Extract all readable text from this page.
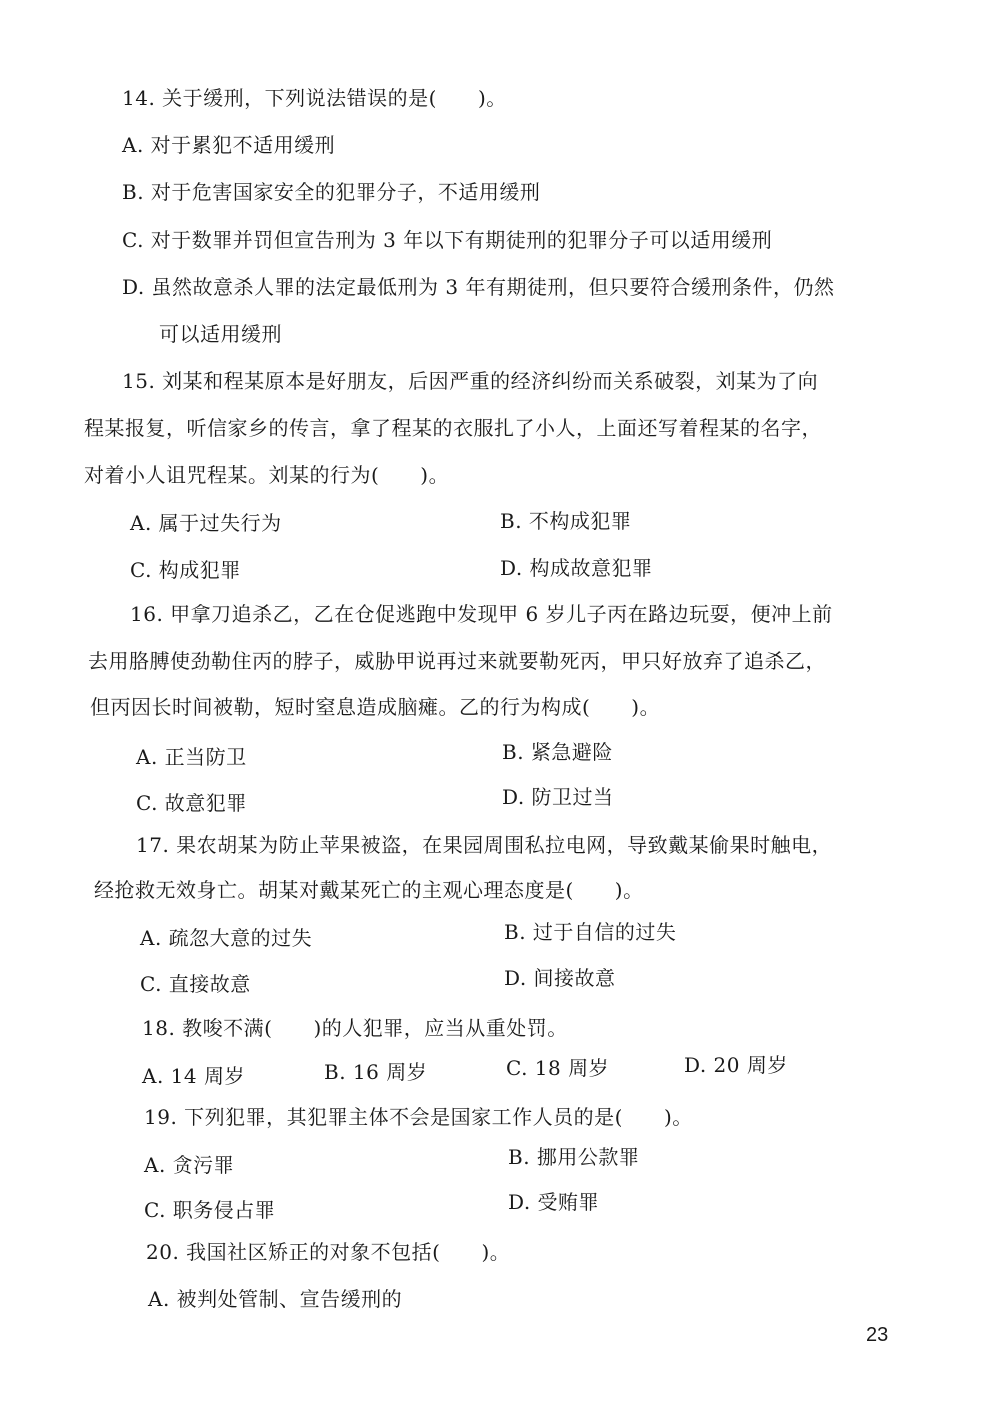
14. 关于缓刑，下列说法错误的是(　　)。
A. 对于累犯不适用缓刑
B. 对于危害国家安全的犯罪分子，不适用缓刑
C. 对于数罪并罚但宣告刑为 3 年以下有期徒刑的犯罪分子可以适用缓刑
D. 虽然故意杀人罪的法定最低刑为 3 年有期徒刑，但只要符合缓刑条件，仍然
可以适用缓刑
15. 刘某和程某原本是好朋友，后因严重的经济纠纷而关系破裂，刘某为了向
程某报复，听信家乡的传言，拿了程某的衣服扎了小人，上面还写着程某的名字，
对着小人诅咒程某。刘某的行为(　　)。
A. 属于过失行为	B. 不构成犯罪
C. 构成犯罪	D. 构成故意犯罪
16. 甲拿刀追杀乙，乙在仓促逃跑中发现甲 6 岁儿子丙在路边玩耍，便冲上前
去用胳膊使劲勒住丙的脖子，威胁甲说再过来就要勒死丙，甲只好放弃了追杀乙，
但丙因长时间被勒，短时窒息造成脑瘫。乙的行为构成(　　)。
A. 正当防卫	B. 紧急避险
C. 故意犯罪	D. 防卫过当
17. 果农胡某为防止苹果被盗，在果园周围私拉电网，导致戴某偷果时触电，
经抢救无效身亡。胡某对戴某死亡的主观心理态度是(　　)。
A. 疏忽大意的过失	B. 过于自信的过失
C. 直接故意	D. 间接故意
18. 教唆不满(　　)的人犯罪，应当从重处罚。
A. 14 周岁	B. 16 周岁	C. 18 周岁	D. 20 周岁
19. 下列犯罪，其犯罪主体不会是国家工作人员的是(　　)。
A. 贪污罪	B. 挪用公款罪
C. 职务侵占罪	D. 受贿罪
20. 我国社区矫正的对象不包括(　　)。
A. 被判处管制、宣告缓刑的
23
